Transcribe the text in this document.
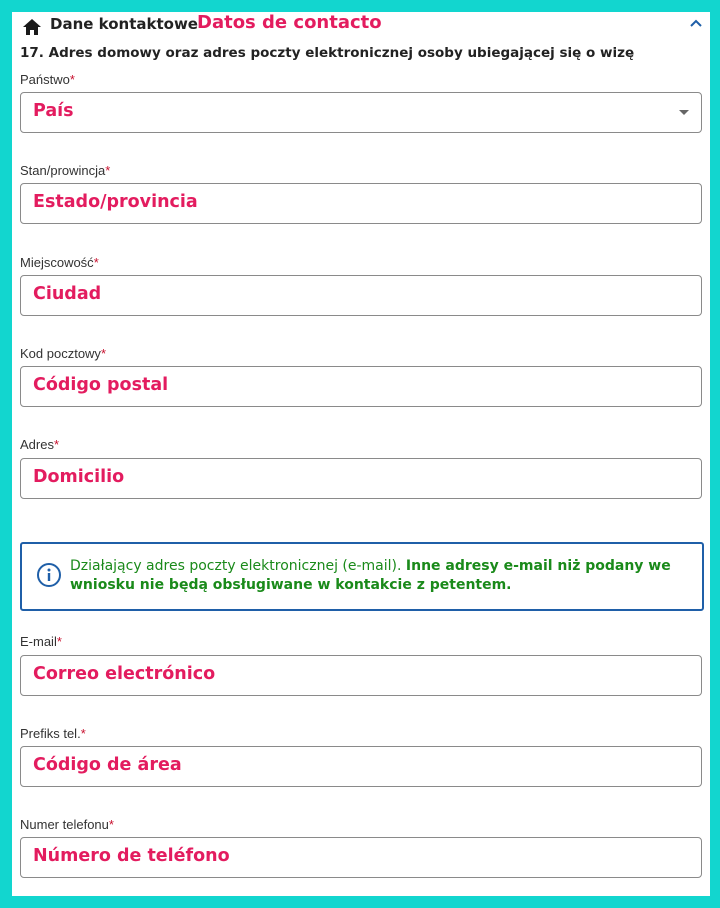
Dane kontaktowe Datos de contacto
17. Adres domowy oraz adres poczty elektronicznej osoby ubiegającej się o wizę
Państwo*
País
Stan/prowincja*
Estado/provincia
Miejscowość*
Ciudad
Kod pocztowy*
Código postal
Adres*
Domicilio
Działający adres poczty elektronicznej (e-mail). Inne adresy e-mail niż podany we wniosku nie będą obsługiwane w kontakcie z petentem.
E-mail*
Correo electrónico
Prefiks tel.*
Código de área
Numer telefonu*
Número de teléfono
